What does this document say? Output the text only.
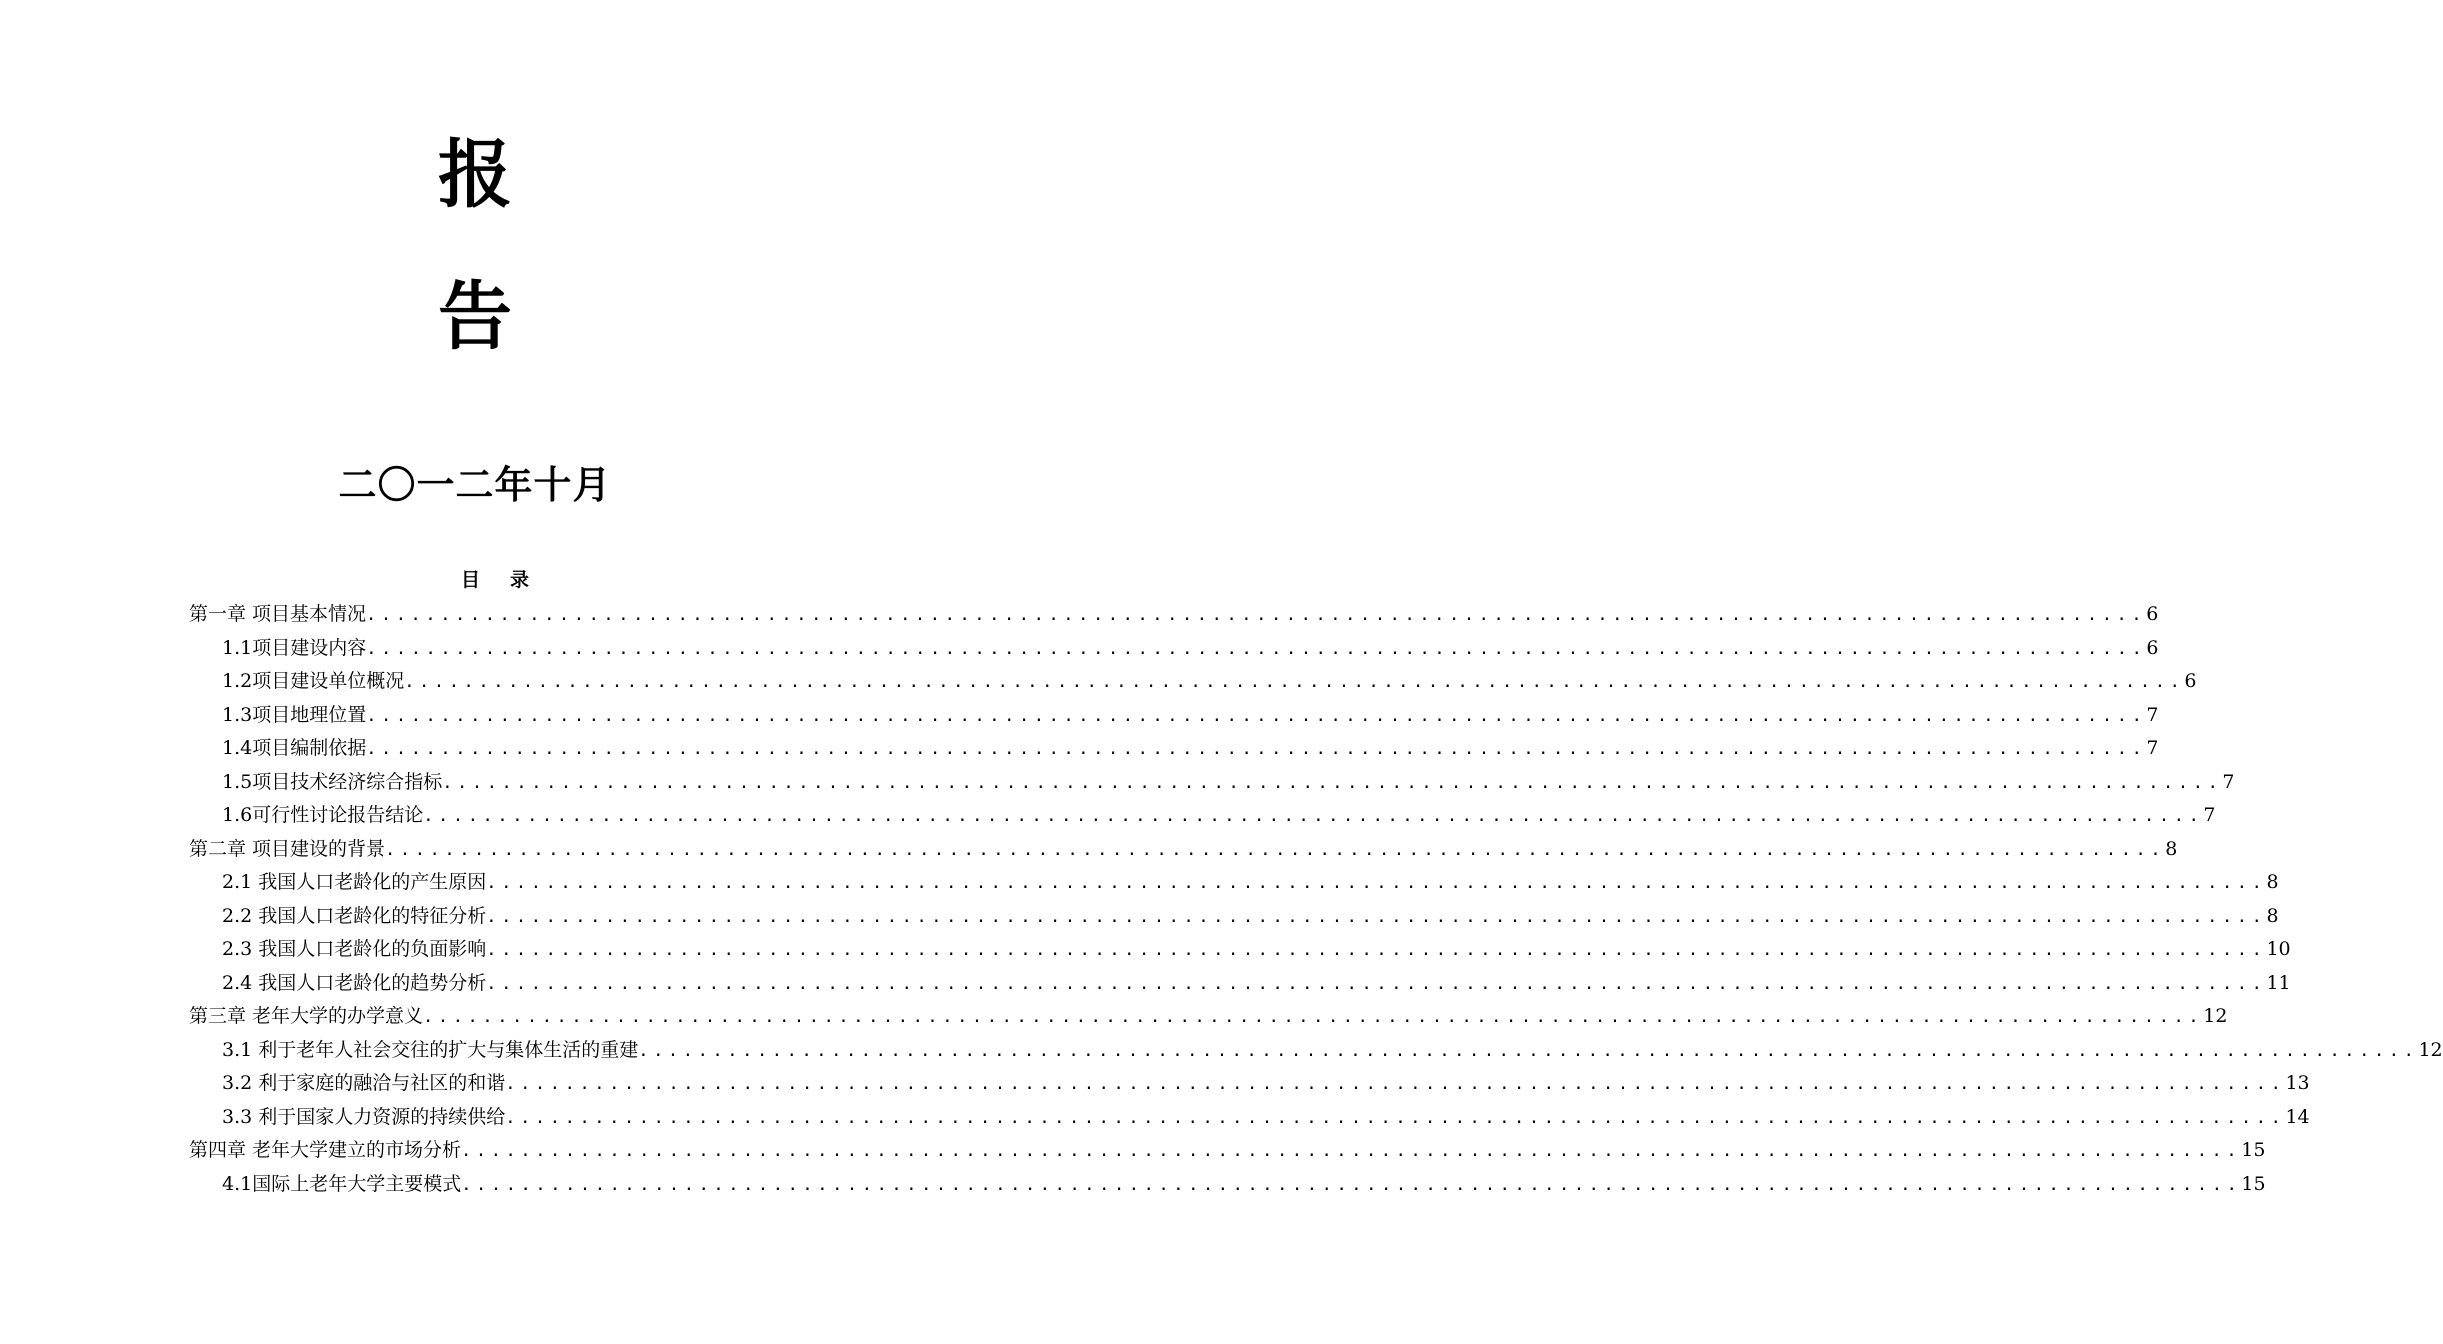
报
告
二〇一二年十月
目 录
第一章 项目基本情况 ........................................................................................................................ 6
1.1项目建设内容 ........................................................................................................................ 6
1.2项目建设单位概况 ........................................................................................................................ 6
1.3项目地理位置 ........................................................................................................................ 7
1.4项目编制依据 ........................................................................................................................ 7
1.5项目技术经济综合指标 ........................................................................................................................ 7
1.6可行性讨论报告结论 ........................................................................................................................ 7
第二章 项目建设的背景 ........................................................................................................................ 8
2.1 我国人口老龄化的产生原因 ........................................................................................................................ 8
2.2 我国人口老龄化的特征分析 ........................................................................................................................ 8
2.3 我国人口老龄化的负面影响 ........................................................................................................................ 10
2.4 我国人口老龄化的趋势分析 ........................................................................................................................ 11
第三章 老年大学的办学意义 ........................................................................................................................ 12
3.1 利于老年人社会交往的扩大与集体生活的重建 ........................................................................................................................ 12
3.2 利于家庭的融洽与社区的和谐 ........................................................................................................................ 13
3.3 利于国家人力资源的持续供给 ........................................................................................................................ 14
第四章 老年大学建立的市场分析 ........................................................................................................................ 15
4.1国际上老年大学主要模式 ........................................................................................................................ 15
